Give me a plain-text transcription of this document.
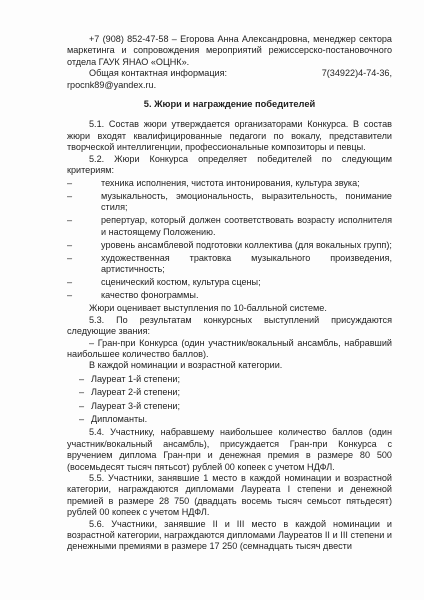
+7 (908) 852-47-58 – Егорова Анна Александровна, менеджер сектора маркетинга и сопровождения мероприятий режиссерско-постановочного отдела ГАУК ЯНАО «ОЦНК».

Общая контактная информация:	7(34922)4-74-36,

rpocnk89@yandex.ru.

5. Жюри и награждение победителей

5.1. Состав жюри утверждается организаторами Конкурса. В состав жюри входят квалифицированные педагоги по вокалу, представители творческой интеллигенции, профессиональные композиторы и певцы.

5.2. Жюри Конкурса определяет победителей по следующим критериям:

–	техника исполнения, чистота интонирования, культура звука;
–	музыкальность, эмоциональность, выразительность, понимание стиля;
–	репертуар, который должен соответствовать возрасту исполнителя и настоящему Положению.
–	уровень ансамблевой подготовки коллектива (для вокальных групп);
–	художественная трактовка музыкального произведения, артистичность;
–	сценический костюм, культура сцены;
–	качество фонограммы.

Жюри оценивает выступления по 10-балльной системе.

5.3. По результатам конкурсных выступлений присуждаются следующие звания:

– Гран-при Конкурса (один участник/вокальный ансамбль, набравший наибольшее количество баллов).

В каждой номинации и возрастной категории.

– Лауреат 1-й степени;
– Лауреат 2-й степени;
– Лауреат 3-й степени;
– Дипломанты.

5.4. Участнику, набравшему наибольшее количество баллов (один участник/вокальный ансамбль), присуждается Гран-при Конкурса с вручением диплома Гран-при и денежная премия в размере 80 500 (восемьдесят тысяч пятьсот) рублей 00 копеек с учетом НДФЛ.

5.5. Участники, занявшие 1 место в каждой номинации и возрастной категории, награждаются дипломами Лауреата I степени и денежной премией в размере 28 750 (двадцать восемь тысяч семьсот пятьдесят) рублей 00 копеек с учетом НДФЛ.

5.6. Участники, занявшие II и III место в каждой номинации и возрастной категории, награждаются дипломами Лауреатов II и III степени и денежными премиями в размере 17 250 (семнадцать тысяч двести
